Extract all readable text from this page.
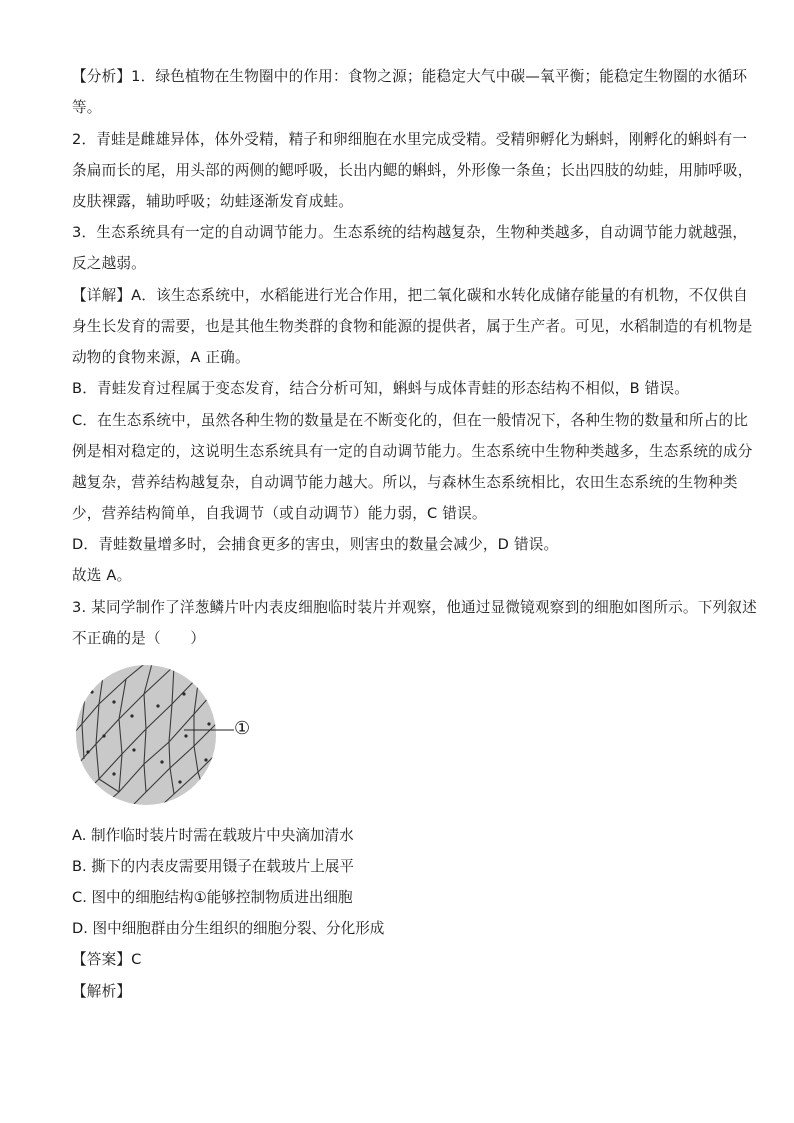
【分析】1．绿色植物在生物圈中的作用：食物之源；能稳定大气中碳—氧平衡；能稳定生物圈的水循环
等。
2．青蛙是雌雄异体，体外受精，精子和卵细胞在水里完成受精。受精卵孵化为蝌蚪，刚孵化的蝌蚪有一
条扁而长的尾，用头部的两侧的鳃呼吸，长出内鳃的蝌蚪，外形像一条鱼；长出四肢的幼蛙，用肺呼吸，
皮肤裸露，辅助呼吸；幼蛙逐渐发育成蛙。
3．生态系统具有一定的自动调节能力。生态系统的结构越复杂，生物种类越多，自动调节能力就越强，
反之越弱。
【详解】A．该生态系统中，水稻能进行光合作用，把二氧化碳和水转化成储存能量的有机物，不仅供自
身生长发育的需要，也是其他生物类群的食物和能源的提供者，属于生产者。可见，水稻制造的有机物是
动物的食物来源，A 正确。
B．青蛙发育过程属于变态发育，结合分析可知，蝌蚪与成体青蛙的形态结构不相似，B 错误。
C．在生态系统中，虽然各种生物的数量是在不断变化的，但在一般情况下，各种生物的数量和所占的比
例是相对稳定的，这说明生态系统具有一定的自动调节能力。生态系统中生物种类越多，生态系统的成分
越复杂，营养结构越复杂，自动调节能力越大。所以，与森林生态系统相比，农田生态系统的生物种类
少，营养结构简单，自我调节（或自动调节）能力弱，C 错误。
D．青蛙数量增多时，会捕食更多的害虫，则害虫的数量会减少，D 错误。
故选 A。
3. 某同学制作了洋葱鳞片叶内表皮细胞临时装片并观察，他通过显微镜观察到的细胞如图所示。下列叙述
不正确的是（　　）
①
A. 制作临时装片时需在载玻片中央滴加清水
B. 撕下的内表皮需要用镊子在载玻片上展平
C. 图中的细胞结构①能够控制物质进出细胞
D. 图中细胞群由分生组织的细胞分裂、分化形成
【答案】C
【解析】
